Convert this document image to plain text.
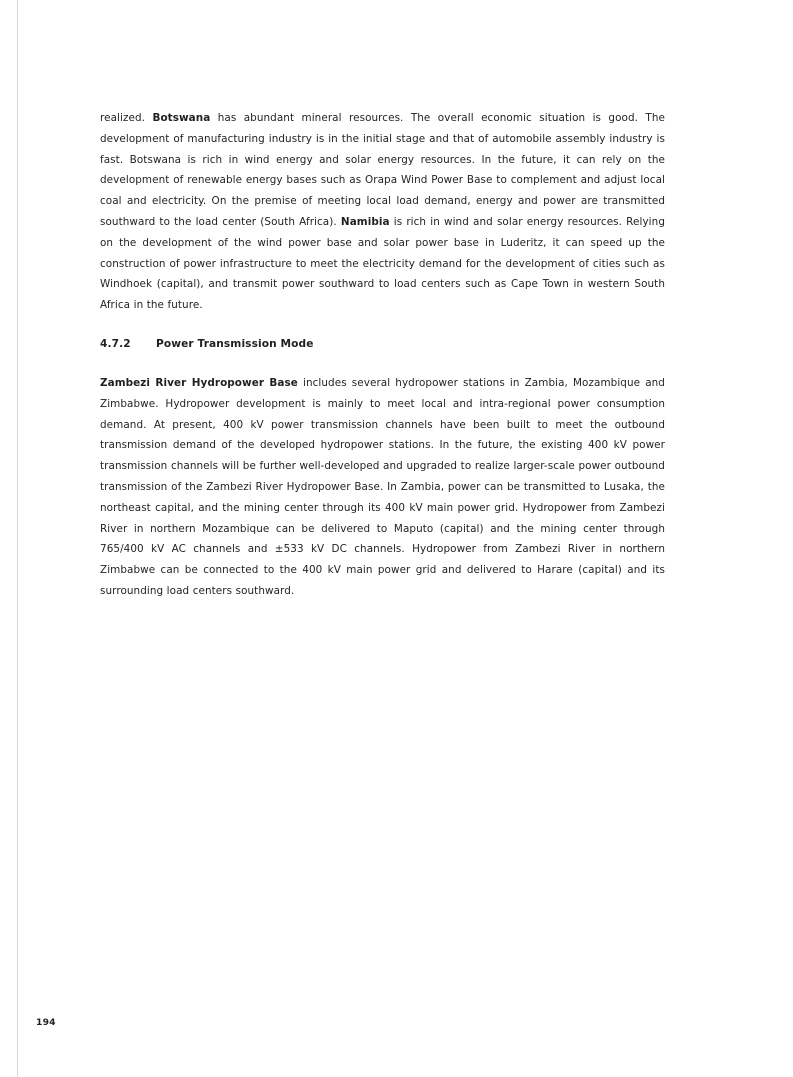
realized. Botswana has abundant mineral resources. The overall economic situation is good. The development of manufacturing industry is in the initial stage and that of automobile assembly industry is fast. Botswana is rich in wind energy and solar energy resources. In the future, it can rely on the development of renewable energy bases such as Orapa Wind Power Base to complement and adjust local coal and electricity. On the premise of meeting local load demand, energy and power are transmitted southward to the load center (South Africa). Namibia is rich in wind and solar energy resources. Relying on the development of the wind power base and solar power base in Luderitz, it can speed up the construction of power infrastructure to meet the electricity demand for the development of cities such as Windhoek (capital), and transmit power southward to load centers such as Cape Town in western South Africa in the future.

4.7.2	Power Transmission Mode

Zambezi River Hydropower Base includes several hydropower stations in Zambia, Mozambique and Zimbabwe. Hydropower development is mainly to meet local and intra-regional power consumption demand. At present, 400 kV power transmission channels have been built to meet the outbound transmission demand of the developed hydropower stations. In the future, the existing 400 kV power transmission channels will be further well-developed and upgraded to realize larger-scale power outbound transmission of the Zambezi River Hydropower Base. In Zambia, power can be transmitted to Lusaka, the northeast capital, and the mining center through its 400 kV main power grid. Hydropower from Zambezi River in northern Mozambique can be delivered to Maputo (capital) and the mining center through 765/400 kV AC channels and ±533 kV DC channels. Hydropower from Zambezi River in northern Zimbabwe can be connected to the 400 kV main power grid and delivered to Harare (capital) and its surrounding load centers southward.

194
